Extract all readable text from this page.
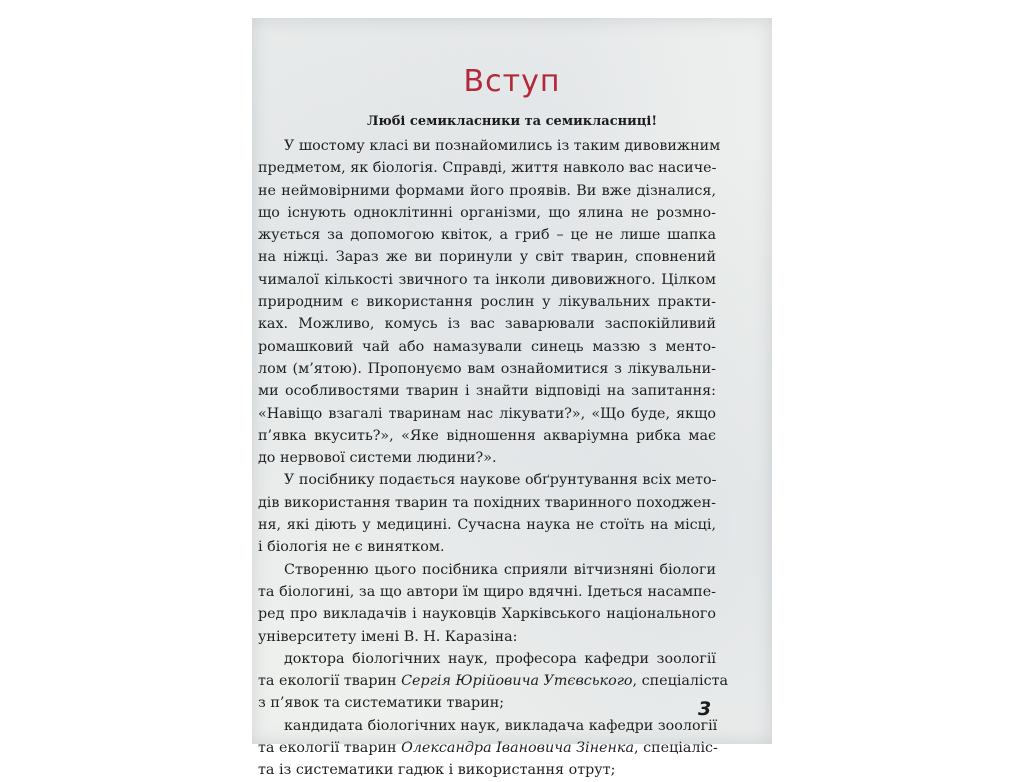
Вступ
Любі семикласники та семикласниці!
У шостому класі ви познайомились із таким дивовижним
предметом, як біологія. Справді, життя навколо вас насиче-
не неймовірними формами його проявів. Ви вже дізналися,
що існують одноклітинні організми, що ялина не розмно-
жується за допомогою квіток, а гриб – це не лише шапка
на ніжці. Зараз же ви поринули у світ тварин, сповнений
чималої кількості звичного та інколи дивовижного. Цілком
природним є використання рослин у лікувальних практи-
ках. Можливо, комусь із вас заварювали заспокійливий
ромашковий чай або намазували синець маззю з менто-
лом (м’ятою). Пропонуємо вам ознайомитися з лікувальни-
ми особливостями тварин і знайти відповіді на запитання:
«Навіщо взагалі тваринам нас лікувати?», «Що буде, якщо
п’явка вкусить?», «Яке відношення акваріумна рибка має
до нервової системи людини?».
У посібнику подається наукове обґрунтування всіх мето-
дів використання тварин та похідних тваринного походжен-
ня, які діють у медицині. Сучасна наука не стоїть на місці,
і біологія не є винятком.
Створенню цього посібника сприяли вітчизняні біологи
та біологині, за що автори їм щиро вдячні. Ідеться насампе-
ред про викладачів і науковців Харківського національного
університету імені В. Н. Каразіна:
доктора біологічних наук, професора кафедри зоології
та екології тварин Сергія Юрійовича Утєвського, спеціаліста
з п’явок та систематики тварин;
кандидата біологічних наук, викладача кафедри зоології
та екології тварин Олександра Івановича Зіненка, спеціаліс-
та із систематики гадюк і використання отрут;
3
